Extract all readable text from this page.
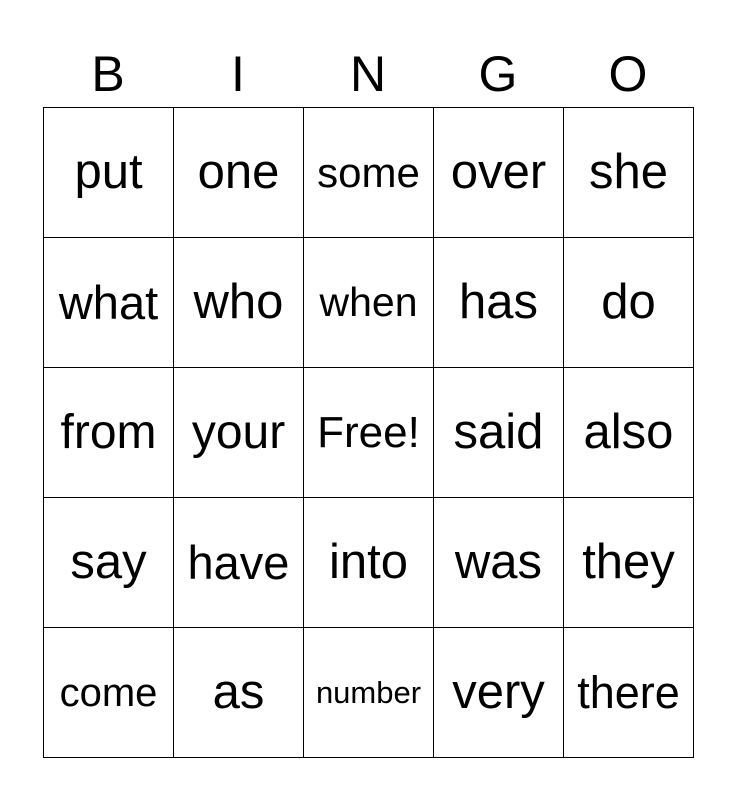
B	I	N	G	O
put one some over she
what who when has do
from your Free! said also
say have into was they
come as number very there
